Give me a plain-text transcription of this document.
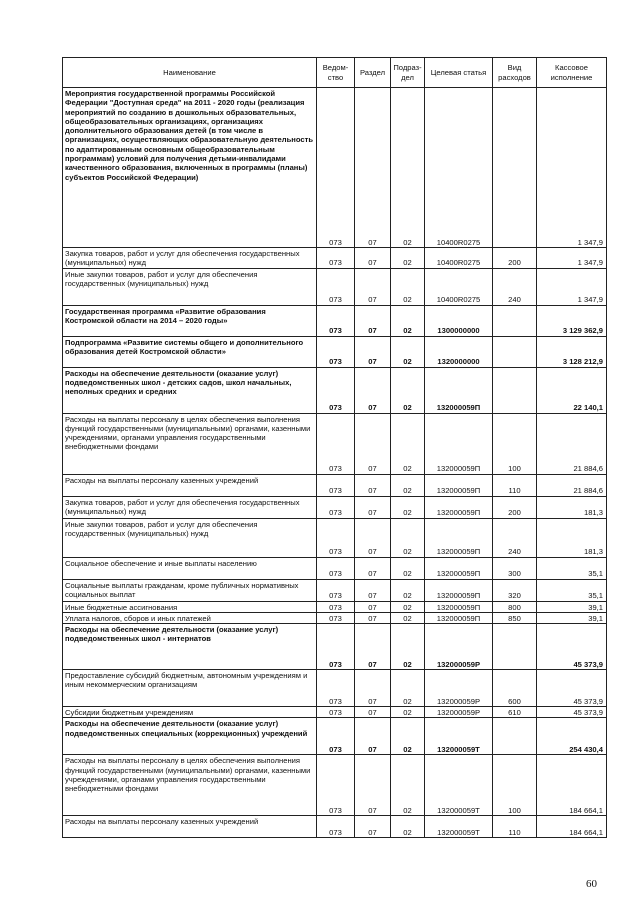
Наименование	Ведом-ство	Раздел	Подраз-дел	Целевая статья	Вид расходов	Кассовое исполнение
Мероприятия государственной программы Российской Федерации "Доступная среда" на 2011 - 2020 годы (реализация мероприятий по созданию в дошкольных образовательных, общеобразовательных организациях, организациях дополнительного образования детей (в том числе в организациях, осуществляющих образовательную деятельность по адаптированным основным общеобразовательным программам) условий для получения детьми-инвалидами качественного образования, включенных в программы (планы) субъектов Российской Федерации)	073	07	02	10400R0275		1 347,9
Закупка товаров, работ и услуг для обеспечения государственных (муниципальных) нужд	073	07	02	10400R0275	200	1 347,9
Иные закупки товаров, работ и услуг для обеспечения государственных (муниципальных) нужд	073	07	02	10400R0275	240	1 347,9
Государственная программа «Развитие образования Костромской области на 2014 – 2020 годы»	073	07	02	1300000000		3 129 362,9
Подпрограмма «Развитие системы общего и дополнительного образования детей Костромской области»	073	07	02	1320000000		3 128 212,9
Расходы на обеспечение деятельности (оказание услуг) подведомственных школ - детских садов, школ начальных, неполных средних и средних	073	07	02	132000059П		22 140,1
Расходы на выплаты персоналу в целях обеспечения выполнения функций государственными (муниципальными) органами, казенными учреждениями, органами управления государственными внебюджетными фондами	073	07	02	132000059П	100	21 884,6
Расходы на выплаты персоналу казенных учреждений	073	07	02	132000059П	110	21 884,6
Закупка товаров, работ и услуг для обеспечения государственных (муниципальных) нужд	073	07	02	132000059П	200	181,3
Иные закупки товаров, работ и услуг для обеспечения государственных (муниципальных) нужд	073	07	02	132000059П	240	181,3
Социальное обеспечение и иные выплаты населению	073	07	02	132000059П	300	35,1
Социальные выплаты гражданам, кроме публичных нормативных социальных выплат	073	07	02	132000059П	320	35,1
Иные бюджетные ассигнования	073	07	02	132000059П	800	39,1
Уплата налогов, сборов и иных платежей	073	07	02	132000059П	850	39,1
Расходы на обеспечение деятельности (оказание услуг) подведомственных школ - интернатов	073	07	02	132000059Р		45 373,9
Предоставление субсидий бюджетным, автономным учреждениям и иным некоммерческим организациям	073	07	02	132000059Р	600	45 373,9
Субсидии бюджетным учреждениям	073	07	02	132000059Р	610	45 373,9
Расходы на обеспечение деятельности (оказание услуг) подведомственных специальных (коррекционных) учреждений	073	07	02	132000059Т		254 430,4
Расходы на выплаты персоналу в целях обеспечения выполнения функций государственными (муниципальными) органами, казенными учреждениями, органами управления государственными внебюджетными фондами	073	07	02	132000059Т	100	184 664,1
Расходы на выплаты персоналу казенных учреждений	073	07	02	132000059Т	110	184 664,1
60
